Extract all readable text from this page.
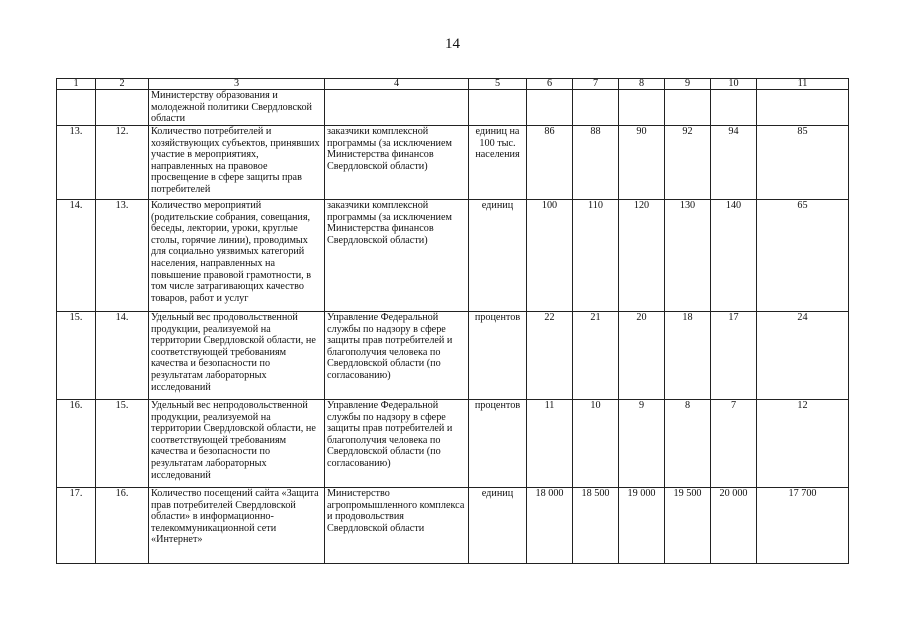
14
1	2	3	4	5	6	7	8	9	10	11
		Министерству образования и молодежной политики Свердловской области								
13.	12.	Количество потребителей и хозяйствующих субъектов, принявших участие в мероприятиях, направленных на правовое просвещение в сфере защиты прав потребителей	заказчики комплексной программы (за исключением Министерства финансов Свердловской области)	единиц на 100 тыс. населения	86	88	90	92	94	85
14.	13.	Количество мероприятий (родительские собрания, совещания, беседы, лектории, уроки, круглые столы, горячие линии), проводимых для социально уязвимых категорий населения, направленных на повышение правовой грамотности, в том числе затрагивающих качество товаров, работ и услуг	заказчики комплексной программы (за исключением Министерства финансов Свердловской области)	единиц	100	110	120	130	140	65
15.	14.	Удельный вес продовольственной продукции, реализуемой на территории Свердловской области, не соответствующей требованиям качества и безопасности по результатам лабораторных исследований	Управление Федеральной службы по надзору в сфере защиты прав потребителей и благополучия человека по Свердловской области (по согласованию)	процентов	22	21	20	18	17	24
16.	15.	Удельный вес непродовольственной продукции, реализуемой на территории Свердловской области, не соответствующей требованиям качества и безопасности по результатам лабораторных исследований	Управление Федеральной службы по надзору в сфере защиты прав потребителей и благополучия человека по Свердловской области (по согласованию)	процентов	11	10	9	8	7	12
17.	16.	Количество посещений сайта «Защита прав потребителей Свердловской области» в информационно-телекоммуникационной сети «Интернет»	Министерство агропромышленного комплекса и продовольствия Свердловской области	единиц	18 000	18 500	19 000	19 500	20 000	17 700
